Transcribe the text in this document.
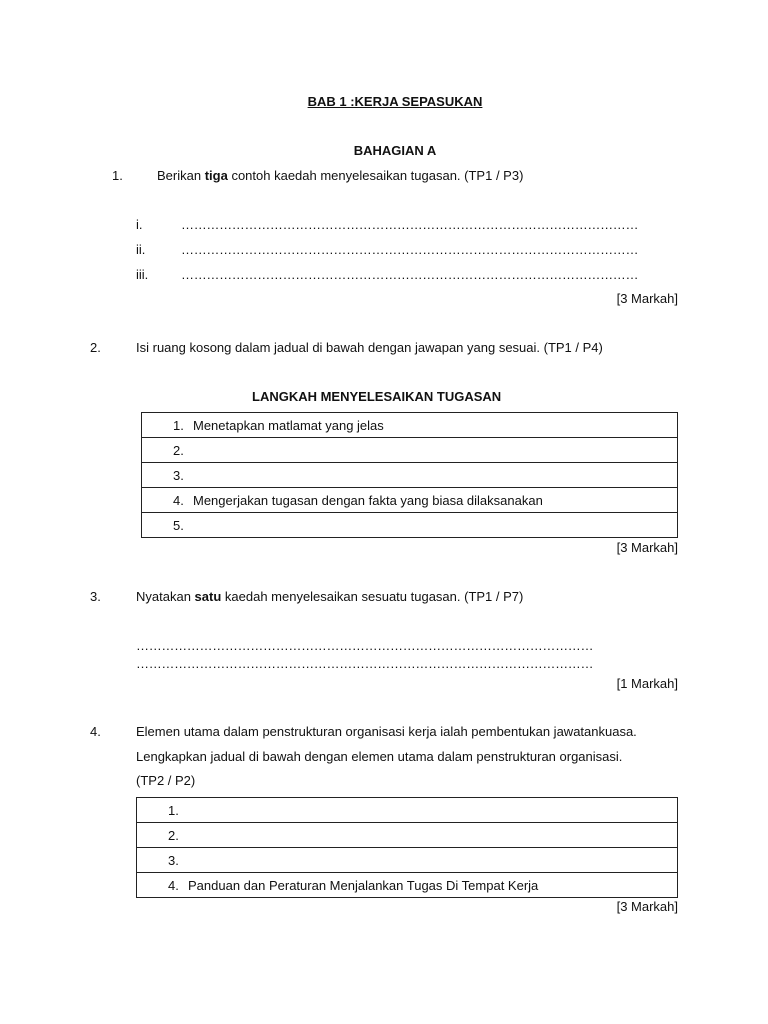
BAB 1 :KERJA SEPASUKAN
BAHAGIAN A
1.	Berikan tiga contoh kaedah menyelesaikan tugasan. (TP1 / P3)
i.	………………………………………………………………………………………………
ii.	………………………………………………………………………………………………
iii.	………………………………………………………………………………………………
[3 Markah]
2.	Isi ruang kosong dalam jadual di bawah dengan jawapan yang sesuai. (TP1 / P4)
LANGKAH MENYELESAIKAN TUGASAN
1. Menetapkan matlamat yang jelas
2.
3.
4. Mengerjakan tugasan dengan fakta yang biasa dilaksanakan
5.
[3 Markah]
3.	Nyatakan satu kaedah menyelesaikan sesuatu tugasan. (TP1 / P7)
………………………………………………………………………………………………
………………………………………………………………………………………………
[1 Markah]
4.	Elemen utama dalam penstrukturan organisasi kerja ialah pembentukan jawatankuasa.
Lengkapkan jadual di bawah dengan elemen utama dalam penstrukturan organisasi.
(TP2 / P2)
1.
2.
3.
4. Panduan dan Peraturan Menjalankan Tugas Di Tempat Kerja
[3 Markah]
